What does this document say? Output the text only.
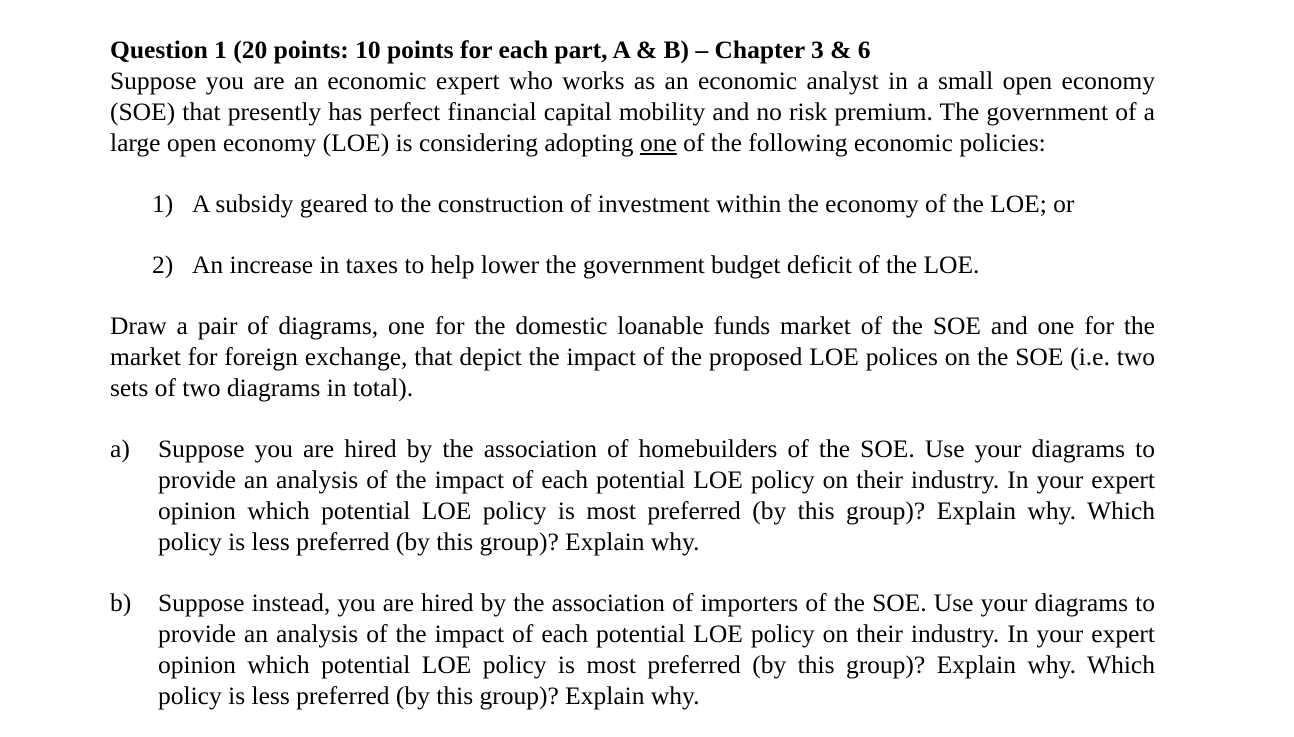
Question 1 (20 points: 10 points for each part, A & B) – Chapter 3 & 6

Suppose you are an economic expert who works as an economic analyst in a small open economy (SOE) that presently has perfect financial capital mobility and no risk premium. The government of a large open economy (LOE) is considering adopting one of the following economic policies:

1) A subsidy geared to the construction of investment within the economy of the LOE; or
2) An increase in taxes to help lower the government budget deficit of the LOE.

Draw a pair of diagrams, one for the domestic loanable funds market of the SOE and one for the market for foreign exchange, that depict the impact of the proposed LOE polices on the SOE (i.e. two sets of two diagrams in total).

a)	Suppose you are hired by the association of homebuilders of the SOE. Use your diagrams to provide an analysis of the impact of each potential LOE policy on their industry. In your expert opinion which potential LOE policy is most preferred (by this group)? Explain why. Which policy is less preferred (by this group)? Explain why.
b)	Suppose instead, you are hired by the association of importers of the SOE. Use your diagrams to provide an analysis of the impact of each potential LOE policy on their industry. In your expert opinion which potential LOE policy is most preferred (by this group)? Explain why. Which policy is less preferred (by this group)? Explain why.
